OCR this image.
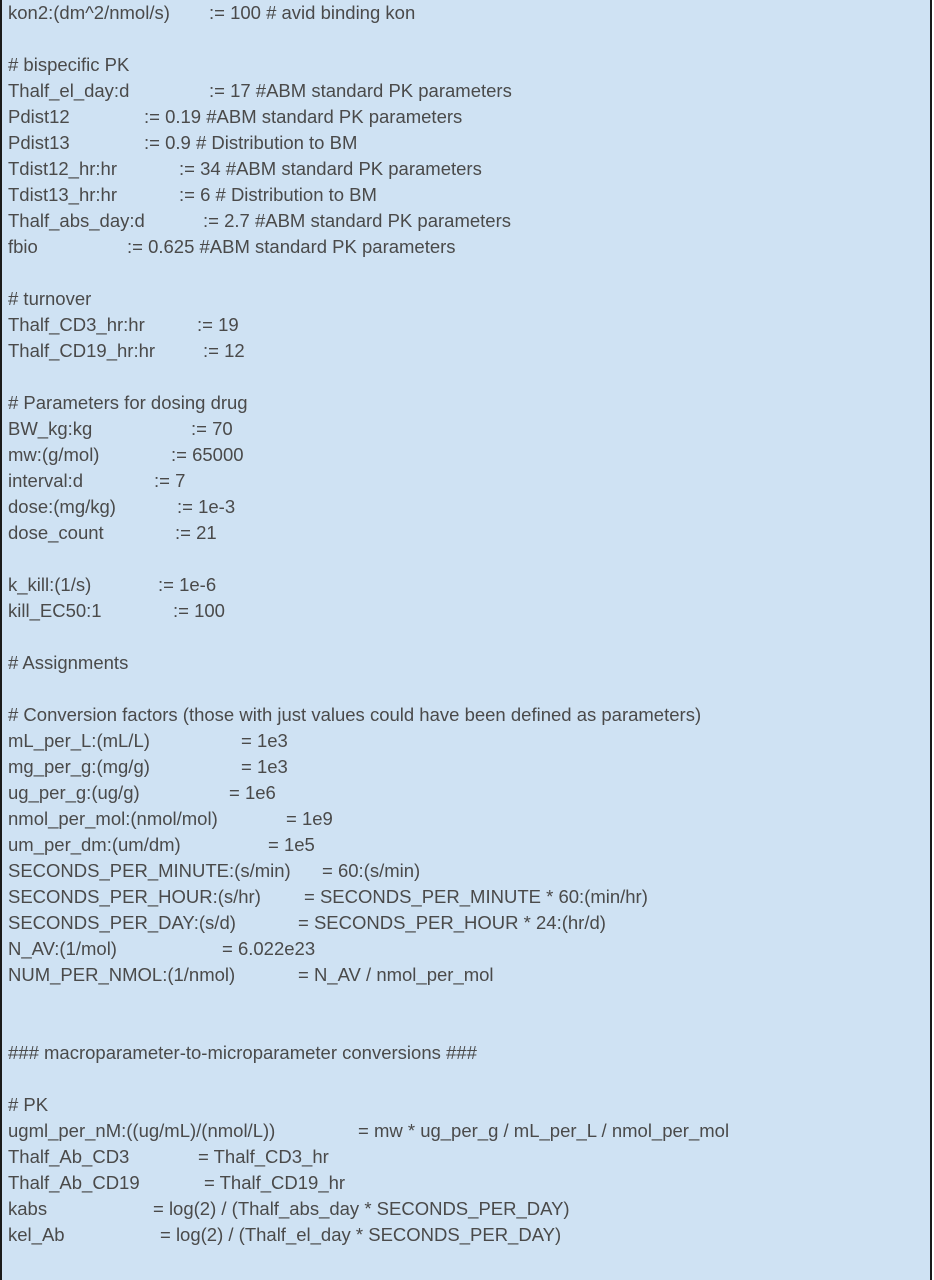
kon2:(dm^2/nmol/s) := 100 # avid binding kon
# bispecific PK
Thalf_el_day:d	:= 17 #ABM standard PK parameters
Pdist12	:= 0.19 #ABM standard PK parameters
Pdist13	:= 0.9 # Distribution to BM
Tdist12_hr:hr	:= 34 #ABM standard PK parameters
Tdist13_hr:hr	:= 6 # Distribution to BM
Thalf_abs_day:d	:= 2.7 #ABM standard PK parameters
fbio	:= 0.625 #ABM standard PK parameters
# turnover
Thalf_CD3_hr:hr	:= 19
Thalf_CD19_hr:hr	:= 12
# Parameters for dosing drug
BW_kg:kg	:= 70
mw:(g/mol)	:= 65000
interval:d	:= 7
dose:(mg/kg)	:= 1e-3
dose_count	:= 21
k_kill:(1/s)	:= 1e-6
kill_EC50:1	:= 100
# Assignments
# Conversion factors (those with just values could have been defined as parameters)
mL_per_L:(mL/L)	= 1e3
mg_per_g:(mg/g)	= 1e3
ug_per_g:(ug/g)	= 1e6
nmol_per_mol:(nmol/mol)	= 1e9
um_per_dm:(um/dm)	= 1e5
SECONDS_PER_MINUTE:(s/min) = 60:(s/min)
SECONDS_PER_HOUR:(s/hr) = SECONDS_PER_MINUTE * 60:(min/hr)
SECONDS_PER_DAY:(s/d)	= SECONDS_PER_HOUR * 24:(hr/d)
N_AV:(1/mol)	= 6.022e23
NUM_PER_NMOL:(1/nmol)	= N_AV / nmol_per_mol
### macroparameter-to-microparameter conversions ###
# PK
ugml_per_nM:((ug/mL)/(nmol/L))	= mw * ug_per_g / mL_per_L / nmol_per_mol
Thalf_Ab_CD3	= Thalf_CD3_hr
Thalf_Ab_CD19	= Thalf_CD19_hr
kabs	= log(2) / (Thalf_abs_day * SECONDS_PER_DAY)
kel_Ab	= log(2) / (Thalf_el_day * SECONDS_PER_DAY)
